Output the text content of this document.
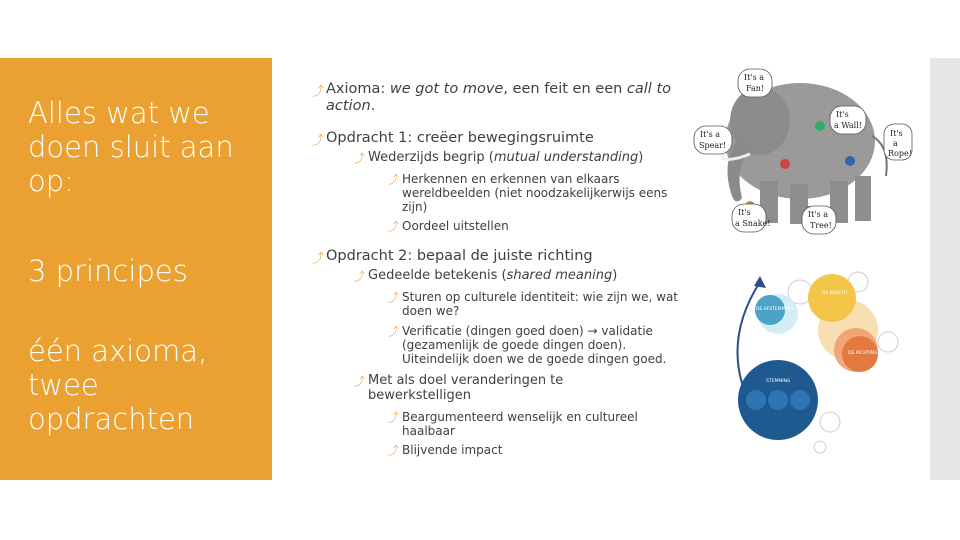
Alles wat we doen sluit aan op:
3 principes
één axioma, twee opdrachten
⤴ Axioma: we got to move, een feit en een call to action.
⤴ Opdracht 1: creëer bewegingsruimte
⤴ Wederzijds begrip (mutual understanding)
⤴ Herkennen en erkennen van elkaars wereldbeelden (niet noodzakelijkerwijs eens zijn)
⤴ Oordeel uitstellen
⤴ Opdracht 2: bepaal de juiste richting
⤴ Gedeelde betekenis (shared meaning)
⤴ Sturen op culturele identiteit: wie zijn we, wat doen we?
⤴ Verificatie (dingen goed doen) → validatie (gezamenlijk de goede dingen doen). Uiteindelijk doen we de goede dingen goed.
⤴ Met als doel veranderingen te bewerkstelligen
⤴ Beargumenteerd wenselijk en cultureel haalbaar
⤴ Blijvende impact
It's a
Fan!
It's
a Wall!
It's a
Spear!
It's
a
Rope!
It's
a Snake!
It's a
Tree!
DE KRACHT
DE RICHTING
DE AFSTEMMING
STEMMING
